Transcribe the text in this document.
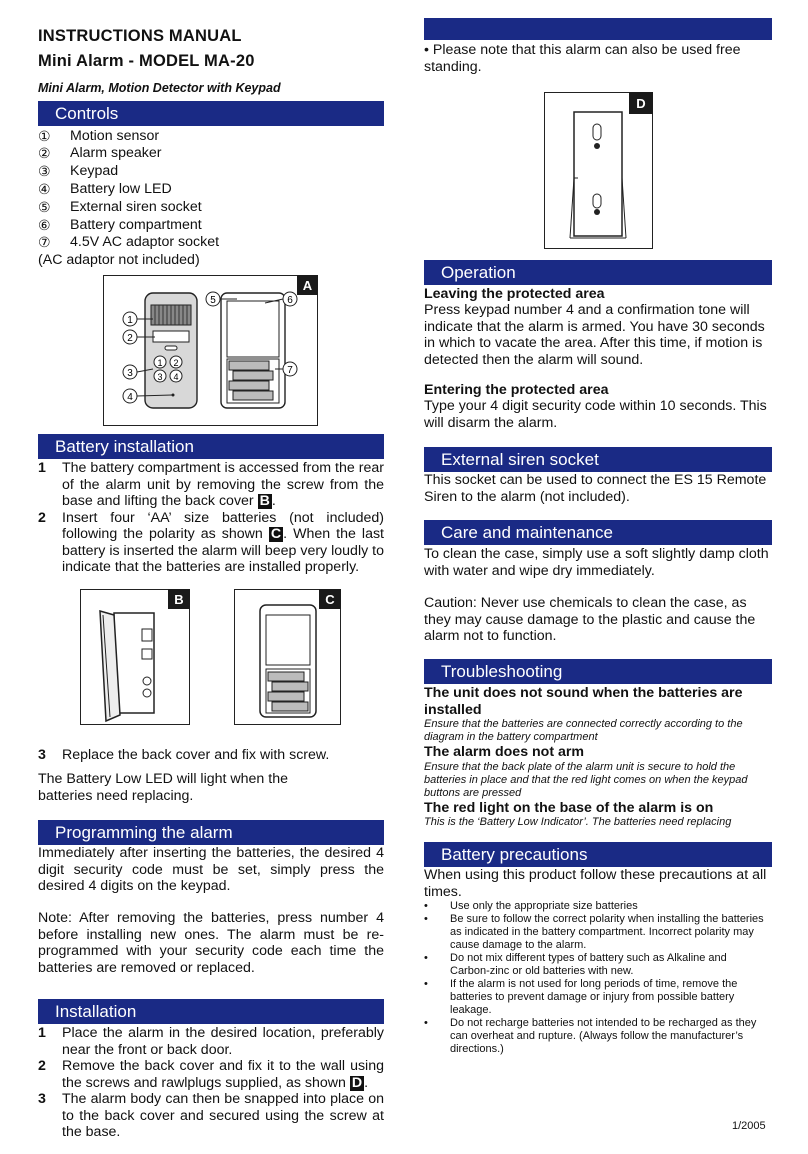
INSTRUCTIONS MANUAL
Mini Alarm - MODEL MA-20
Mini Alarm, Motion Detector with Keypad
Controls
①	Motion sensor
②	Alarm speaker
③	Keypad
④	Battery low LED
⑤	External siren socket
⑥	Battery compartment
⑦	4.5V AC adaptor socket
(AC adaptor not included)
A
1 2
3 4
1
2
3
4
5	6
7
Battery installation
1	The battery compartment is accessed from the rear of the alarm unit by removing the screw from the base and lifting the back cover B .
2	Insert four ‘AA’ size batteries (not included) following the polarity as shown C . When the last battery is inserted the alarm will beep very loudly to indicate that the batteries are installed properly.
B	C
3	Replace the back cover and fix with screw.
The Battery Low LED will light when the batteries need replacing.
Programming the alarm
Immediately after inserting the batteries, the desired 4 digit security code must be set, simply press the desired 4 digits on the keypad.
Note: After removing the batteries, press number 4 before installing new ones. The alarm must be re-programmed with your security code each time the batteries are removed or replaced.
Installation
1	Place the alarm in the desired location, preferably near the front or back door.
2	Remove the back cover and fix it to the wall using the screws and rawlplugs supplied, as shown D .
3	The alarm body can then be snapped into place on to the back cover and secured using the screw at the base.
• Please note that this alarm can also be used free standing.
D
Operation
Leaving the protected area
Press keypad number 4 and a confirmation tone will indicate that the alarm is armed. You have 30 seconds in which to vacate the area. After this time, if motion is detected then the alarm will sound.
Entering the protected area
Type your 4 digit security code within 10 seconds. This will disarm the alarm.
External siren socket
This socket can be used to connect the ES 15 Remote Siren to the alarm (not included).
Care and maintenance
To clean the case, simply use a soft slightly damp cloth with water and wipe dry immediately.
Caution: Never use chemicals to clean the case, as they may cause damage to the plastic and cause the alarm not to function.
Troubleshooting
The unit does not sound when the batteries are installed
Ensure that the batteries are connected correctly according to the diagram in the battery compartment
The alarm does not arm
Ensure that the back plate of the alarm unit is secure to hold the batteries in place and that the red light comes on when the keypad buttons are pressed
The red light on the base of the alarm is on
This is the ‘Battery Low Indicator’. The batteries need replacing
Battery precautions
When using this product follow these precautions at all times.
•	Use only the appropriate size batteries
•	Be sure to follow the correct polarity when installing the batteries as indicated in the battery compartment. Incorrect polarity may cause damage to the alarm.
•	Do not mix different types of battery such as Alkaline and Carbon-zinc or old batteries with new.
•	If the alarm is not used for long periods of time, remove the batteries to prevent damage or injury from possible battery leakage.
•	Do not recharge batteries not intended to be recharged as they can overheat and rupture. (Always follow the manufacturer’s directions.)
1/2005
